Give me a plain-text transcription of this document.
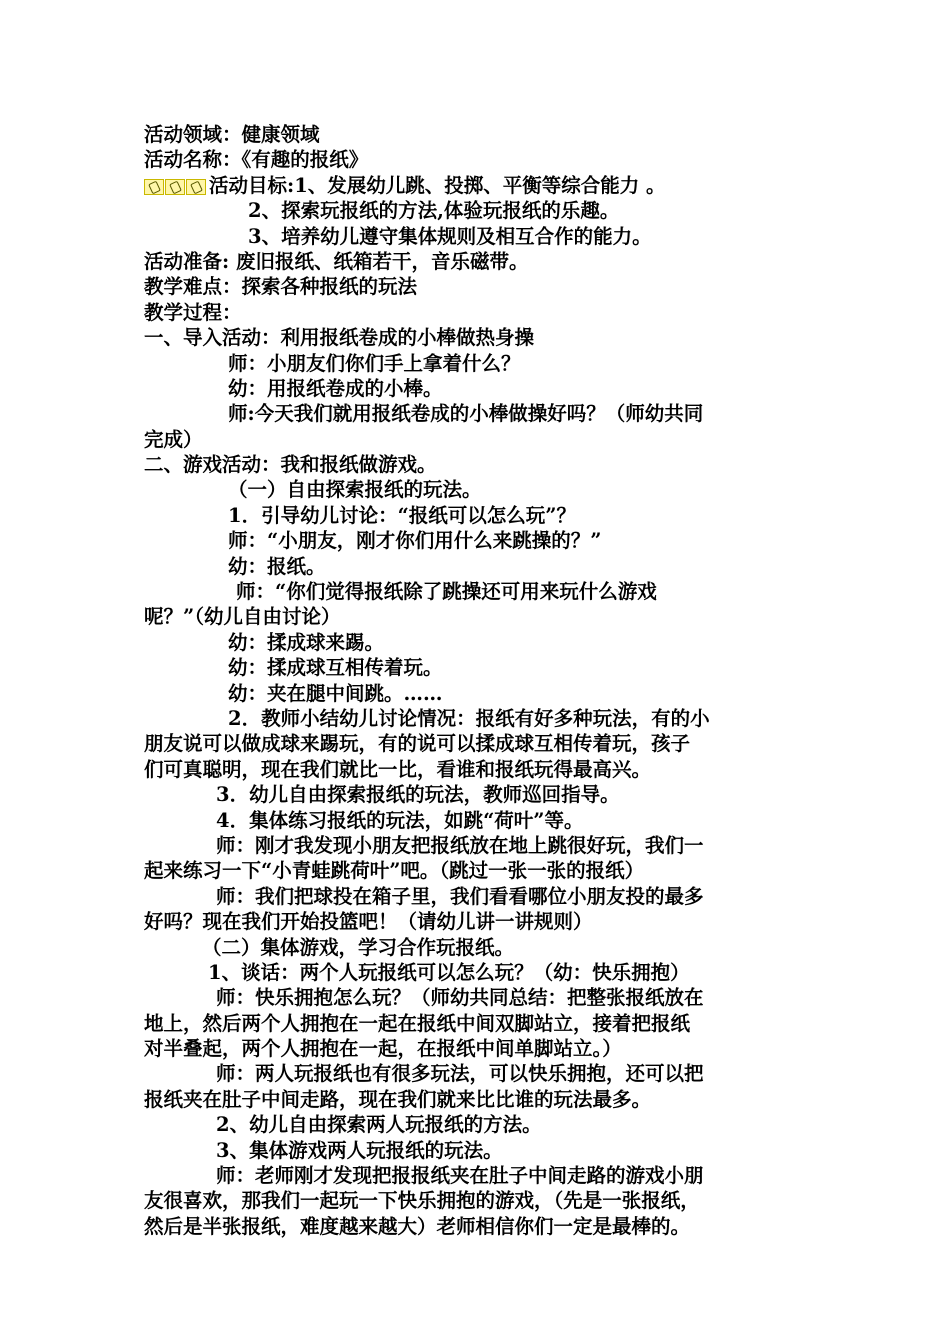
活动领域：健康领域
活动名称：《有趣的报纸》
活动目标:1、发展幼儿跳、投掷、平衡等综合能力 。
2、探索玩报纸的方法,体验玩报纸的乐趣。
3、培养幼儿遵守集体规则及相互合作的能力。
活动准备: 废旧报纸、纸箱若干，音乐磁带。
教学难点：探索各种报纸的玩法
教学过程：
一、导入活动：利用报纸卷成的小棒做热身操
师：小朋友们你们手上拿着什么？
幼：用报纸卷成的小棒。
师:今天我们就用报纸卷成的小棒做操好吗？（师幼共同
完成）
二、游戏活动：我和报纸做游戏。
（一）自由探索报纸的玩法。
1．引导幼儿讨论：“报纸可以怎么玩”？
师：“小朋友，刚才你们用什么来跳操的？”
幼：报纸。
师：“你们觉得报纸除了跳操还可用来玩什么游戏
呢？”（幼儿自由讨论）
幼：揉成球来踢。
幼：揉成球互相传着玩。
幼：夹在腿中间跳。……
2．教师小结幼儿讨论情况：报纸有好多种玩法，有的小
朋友说可以做成球来踢玩，有的说可以揉成球互相传着玩，孩子
们可真聪明，现在我们就比一比，看谁和报纸玩得最高兴。
3．幼儿自由探索报纸的玩法，教师巡回指导。
4．集体练习报纸的玩法，如跳“荷叶”等。
师：刚才我发现小朋友把报纸放在地上跳很好玩，我们一
起来练习一下“小青蛙跳荷叶”吧。（跳过一张一张的报纸）
师：我们把球投在箱子里，我们看看哪位小朋友投的最多
好吗？现在我们开始投篮吧！（请幼儿讲一讲规则）
（二）集体游戏，学习合作玩报纸。
1、谈话：两个人玩报纸可以怎么玩？（幼：快乐拥抱）
师：快乐拥抱怎么玩？（师幼共同总结：把整张报纸放在
地上，然后两个人拥抱在一起在报纸中间双脚站立，接着把报纸
对半叠起，两个人拥抱在一起，在报纸中间单脚站立。）
师：两人玩报纸也有很多玩法，可以快乐拥抱，还可以把
报纸夹在肚子中间走路，现在我们就来比比谁的玩法最多。
2、幼儿自由探索两人玩报纸的方法。
3、集体游戏两人玩报纸的玩法。
师：老师刚才发现把报报纸夹在肚子中间走路的游戏小朋
友很喜欢，那我们一起玩一下快乐拥抱的游戏，（先是一张报纸，
然后是半张报纸，难度越来越大）老师相信你们一定是最棒的。
